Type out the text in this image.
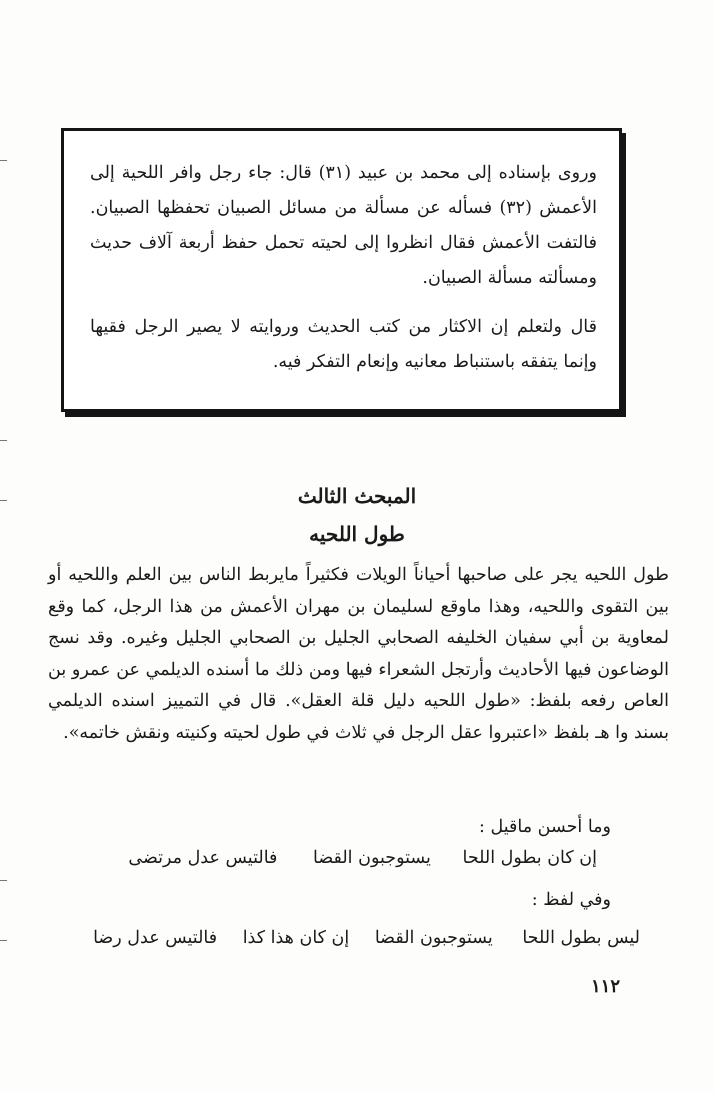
وروى بإسناده إلى محمد بن عبيد (٣١) قال: جاء رجل وافر اللحية إلى الأعمش (٣٢) فسأله عن مسألة من مسائل الصبيان تحفظها الصبيان. فالتفت الأعمش فقال انظروا إلى لحيته تحمل حفظ أربعة آلاف حديث ومسألته مسألة الصبيان.

قال ولتعلم إن الاكثار من كتب الحديث وروايته لا يصير الرجل فقيها وإنما يتفقه باستنباط معانيه وإنعام التفكر فيه.

المبحث الثالث
طول اللحيه

طول اللحيه يجر على صاحبها أحياناً الويلات فكثيراً مايربط الناس بين العلم واللحيه أو بين التقوى واللحيه، وهذا ماوقع لسليمان بن مهران الأعمش من هذا الرجل، كما وقع لمعاوية بن أبي سفيان الخليفه الصحابي الجليل بن الصحابي الجليل وغيره. وقد نسج الوضاعون فيها الأحاديث وأرتجل الشعراء فيها ومن ذلك ما أسنده الديلمي عن عمرو بن العاص رفعه بلفظ: «طول اللحيه دليل قلة العقل». قال في التمييز اسنده الديلمي بسند وا هـ بلفظ «اعتبروا عقل الرجل في ثلاث في طول لحيته وكنيته ونقش خاتمه».

وما أحسن ماقيل :
إن كان بطول اللحا يستوجبون القضا فالتيس عدل مرتضى
وفي لفظ :
ليس بطول اللحا يستوجبون القضا إن كان هذا كذا فالتيس عدل رضا
١١٢
